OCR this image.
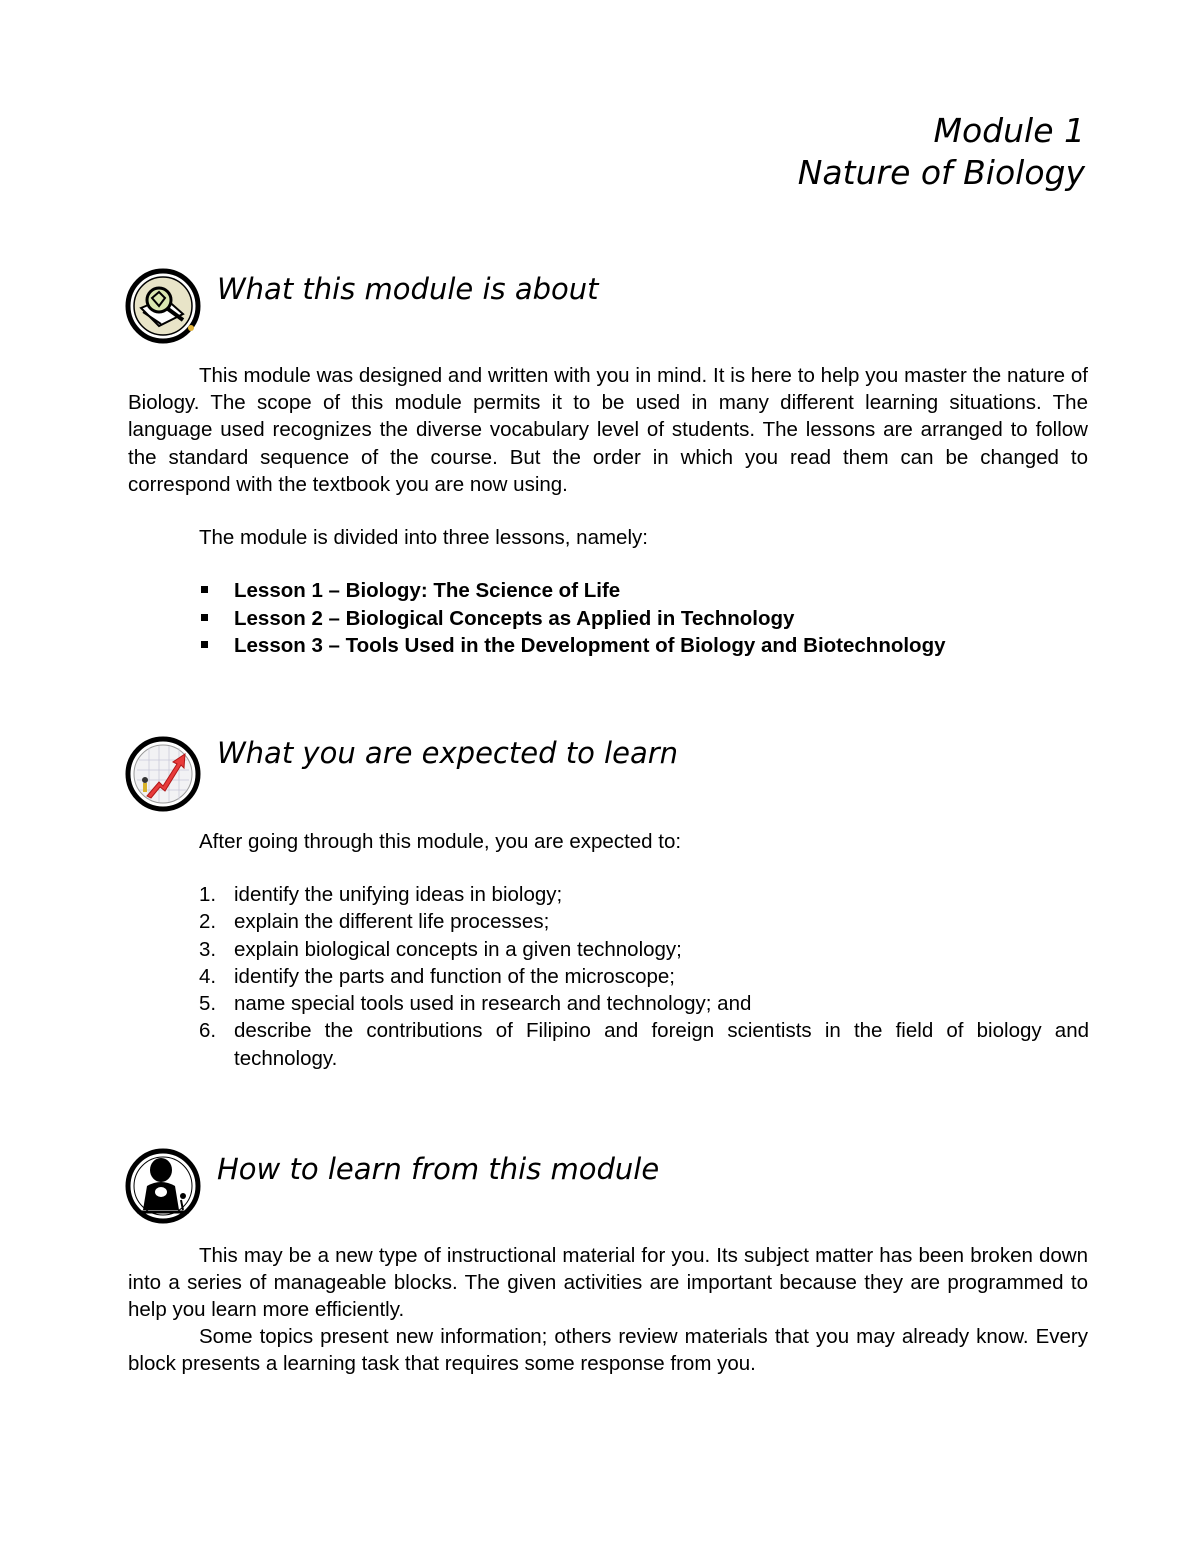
Module 1
Nature of Biology
What this module is about

This module was designed and written with you in mind. It is here to help you master the nature of Biology. The scope of this module permits it to be used in many different learning situations. The language used recognizes the diverse vocabulary level of students. The lessons are arranged to follow the standard sequence of the course. But the order in which you read them can be changed to correspond with the textbook you are now using.

The module is divided into three lessons, namely:

Lesson 1 – Biology: The Science of Life
Lesson 2 – Biological Concepts as Applied in Technology
Lesson 3 – Tools Used in the Development of Biology and Biotechnology
What you are expected to learn

After going through this module, you are expected to:

1. identify the unifying ideas in biology;
2. explain the different life processes;
3. explain biological concepts in a given technology;
4. identify the parts and function of the microscope;
5. name special tools used in research and technology; and
6. describe the contributions of Filipino and foreign scientists in the field of biology and technology.
How to learn from this module

This may be a new type of instructional material for you. Its subject matter has been broken down into a series of manageable blocks. The given activities are important because they are programmed to help you learn more efficiently.

Some topics present new information; others review materials that you may already know. Every block presents a learning task that requires some response from you.
